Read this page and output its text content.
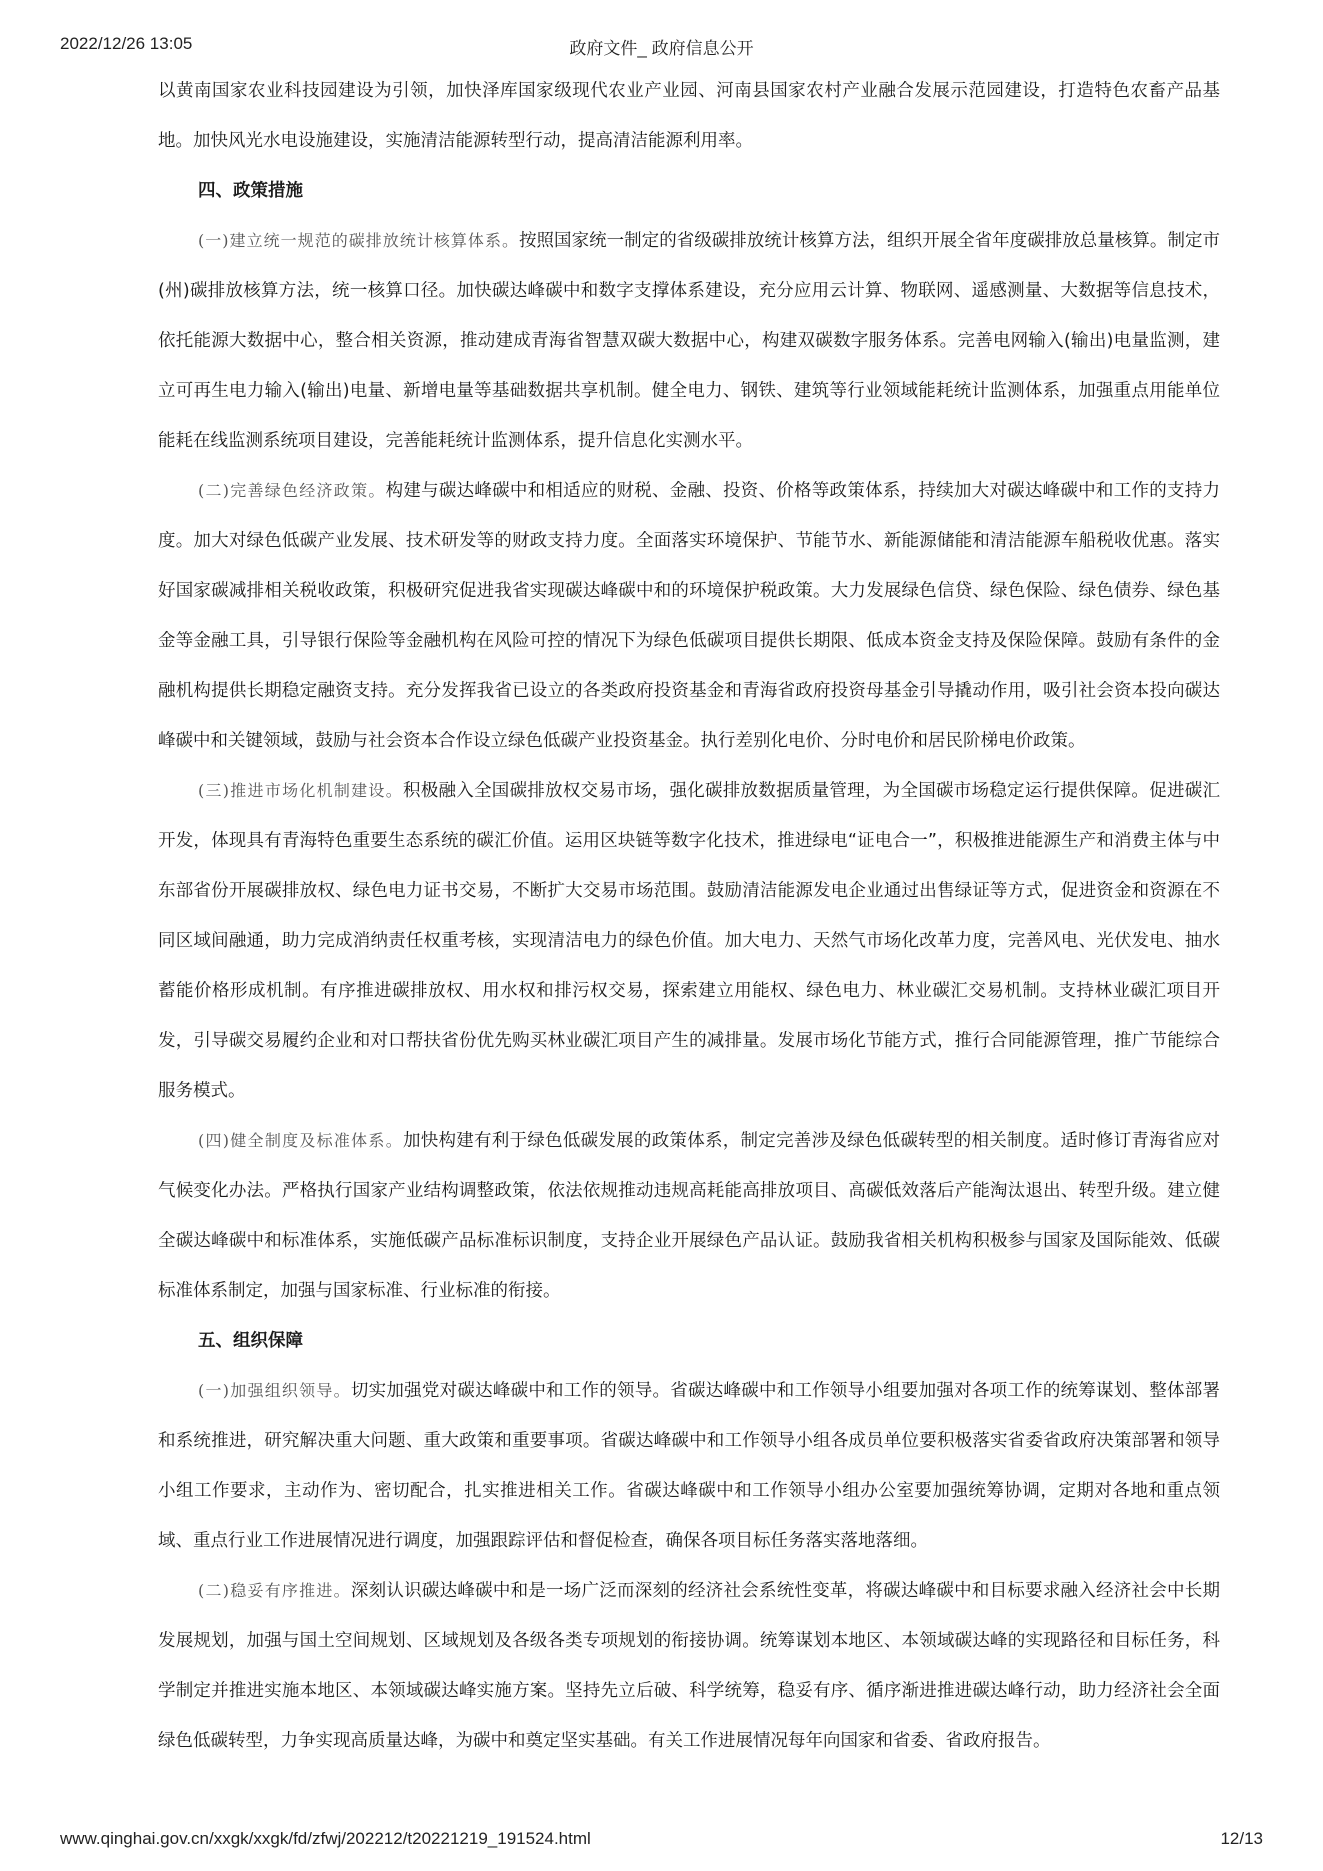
2022/12/26 13:05	政府文件_ 政府信息公开

以黄南国家农业科技园建设为引领，加快泽库国家级现代农业产业园、河南县国家农村产业融合发展示范园建设，打造特色农畜产品基地。加快风光水电设施建设，实施清洁能源转型行动，提高清洁能源利用率。

四、政策措施

(一)建立统一规范的碳排放统计核算体系。按照国家统一制定的省级碳排放统计核算方法，组织开展全省年度碳排放总量核算。制定市(州)碳排放核算方法，统一核算口径。加快碳达峰碳中和数字支撑体系建设，充分应用云计算、物联网、遥感测量、大数据等信息技术，依托能源大数据中心，整合相关资源，推动建成青海省智慧双碳大数据中心，构建双碳数字服务体系。完善电网输入(输出)电量监测，建立可再生电力输入(输出)电量、新增电量等基础数据共享机制。健全电力、钢铁、建筑等行业领域能耗统计监测体系，加强重点用能单位能耗在线监测系统项目建设，完善能耗统计监测体系，提升信息化实测水平。

(二)完善绿色经济政策。构建与碳达峰碳中和相适应的财税、金融、投资、价格等政策体系，持续加大对碳达峰碳中和工作的支持力度。加大对绿色低碳产业发展、技术研发等的财政支持力度。全面落实环境保护、节能节水、新能源储能和清洁能源车船税收优惠。落实好国家碳减排相关税收政策，积极研究促进我省实现碳达峰碳中和的环境保护税政策。大力发展绿色信贷、绿色保险、绿色债券、绿色基金等金融工具，引导银行保险等金融机构在风险可控的情况下为绿色低碳项目提供长期限、低成本资金支持及保险保障。鼓励有条件的金融机构提供长期稳定融资支持。充分发挥我省已设立的各类政府投资基金和青海省政府投资母基金引导撬动作用，吸引社会资本投向碳达峰碳中和关键领域，鼓励与社会资本合作设立绿色低碳产业投资基金。执行差别化电价、分时电价和居民阶梯电价政策。

(三)推进市场化机制建设。积极融入全国碳排放权交易市场，强化碳排放数据质量管理，为全国碳市场稳定运行提供保障。促进碳汇开发，体现具有青海特色重要生态系统的碳汇价值。运用区块链等数字化技术，推进绿电“证电合一”，积极推进能源生产和消费主体与中东部省份开展碳排放权、绿色电力证书交易，不断扩大交易市场范围。鼓励清洁能源发电企业通过出售绿证等方式，促进资金和资源在不同区域间融通，助力完成消纳责任权重考核，实现清洁电力的绿色价值。加大电力、天然气市场化改革力度，完善风电、光伏发电、抽水蓄能价格形成机制。有序推进碳排放权、用水权和排污权交易，探索建立用能权、绿色电力、林业碳汇交易机制。支持林业碳汇项目开发，引导碳交易履约企业和对口帮扶省份优先购买林业碳汇项目产生的减排量。发展市场化节能方式，推行合同能源管理，推广节能综合服务模式。

(四)健全制度及标准体系。加快构建有利于绿色低碳发展的政策体系，制定完善涉及绿色低碳转型的相关制度。适时修订青海省应对气候变化办法。严格执行国家产业结构调整政策，依法依规推动违规高耗能高排放项目、高碳低效落后产能淘汰退出、转型升级。建立健全碳达峰碳中和标准体系，实施低碳产品标准标识制度，支持企业开展绿色产品认证。鼓励我省相关机构积极参与国家及国际能效、低碳标准体系制定，加强与国家标准、行业标准的衔接。

五、组织保障

(一)加强组织领导。切实加强党对碳达峰碳中和工作的领导。省碳达峰碳中和工作领导小组要加强对各项工作的统筹谋划、整体部署和系统推进，研究解决重大问题、重大政策和重要事项。省碳达峰碳中和工作领导小组各成员单位要积极落实省委省政府决策部署和领导小组工作要求，主动作为、密切配合，扎实推进相关工作。省碳达峰碳中和工作领导小组办公室要加强统筹协调，定期对各地和重点领域、重点行业工作进展情况进行调度，加强跟踪评估和督促检查，确保各项目标任务落实落地落细。

(二)稳妥有序推进。深刻认识碳达峰碳中和是一场广泛而深刻的经济社会系统性变革，将碳达峰碳中和目标要求融入经济社会中长期发展规划，加强与国土空间规划、区域规划及各级各类专项规划的衔接协调。统筹谋划本地区、本领域碳达峰的实现路径和目标任务，科学制定并推进实施本地区、本领域碳达峰实施方案。坚持先立后破、科学统筹，稳妥有序、循序渐进推进碳达峰行动，助力经济社会全面绿色低碳转型，力争实现高质量达峰，为碳中和奠定坚实基础。有关工作进展情况每年向国家和省委、省政府报告。

www.qinghai.gov.cn/xxgk/xxgk/fd/zfwj/202212/t20221219_191524.html	12/13
